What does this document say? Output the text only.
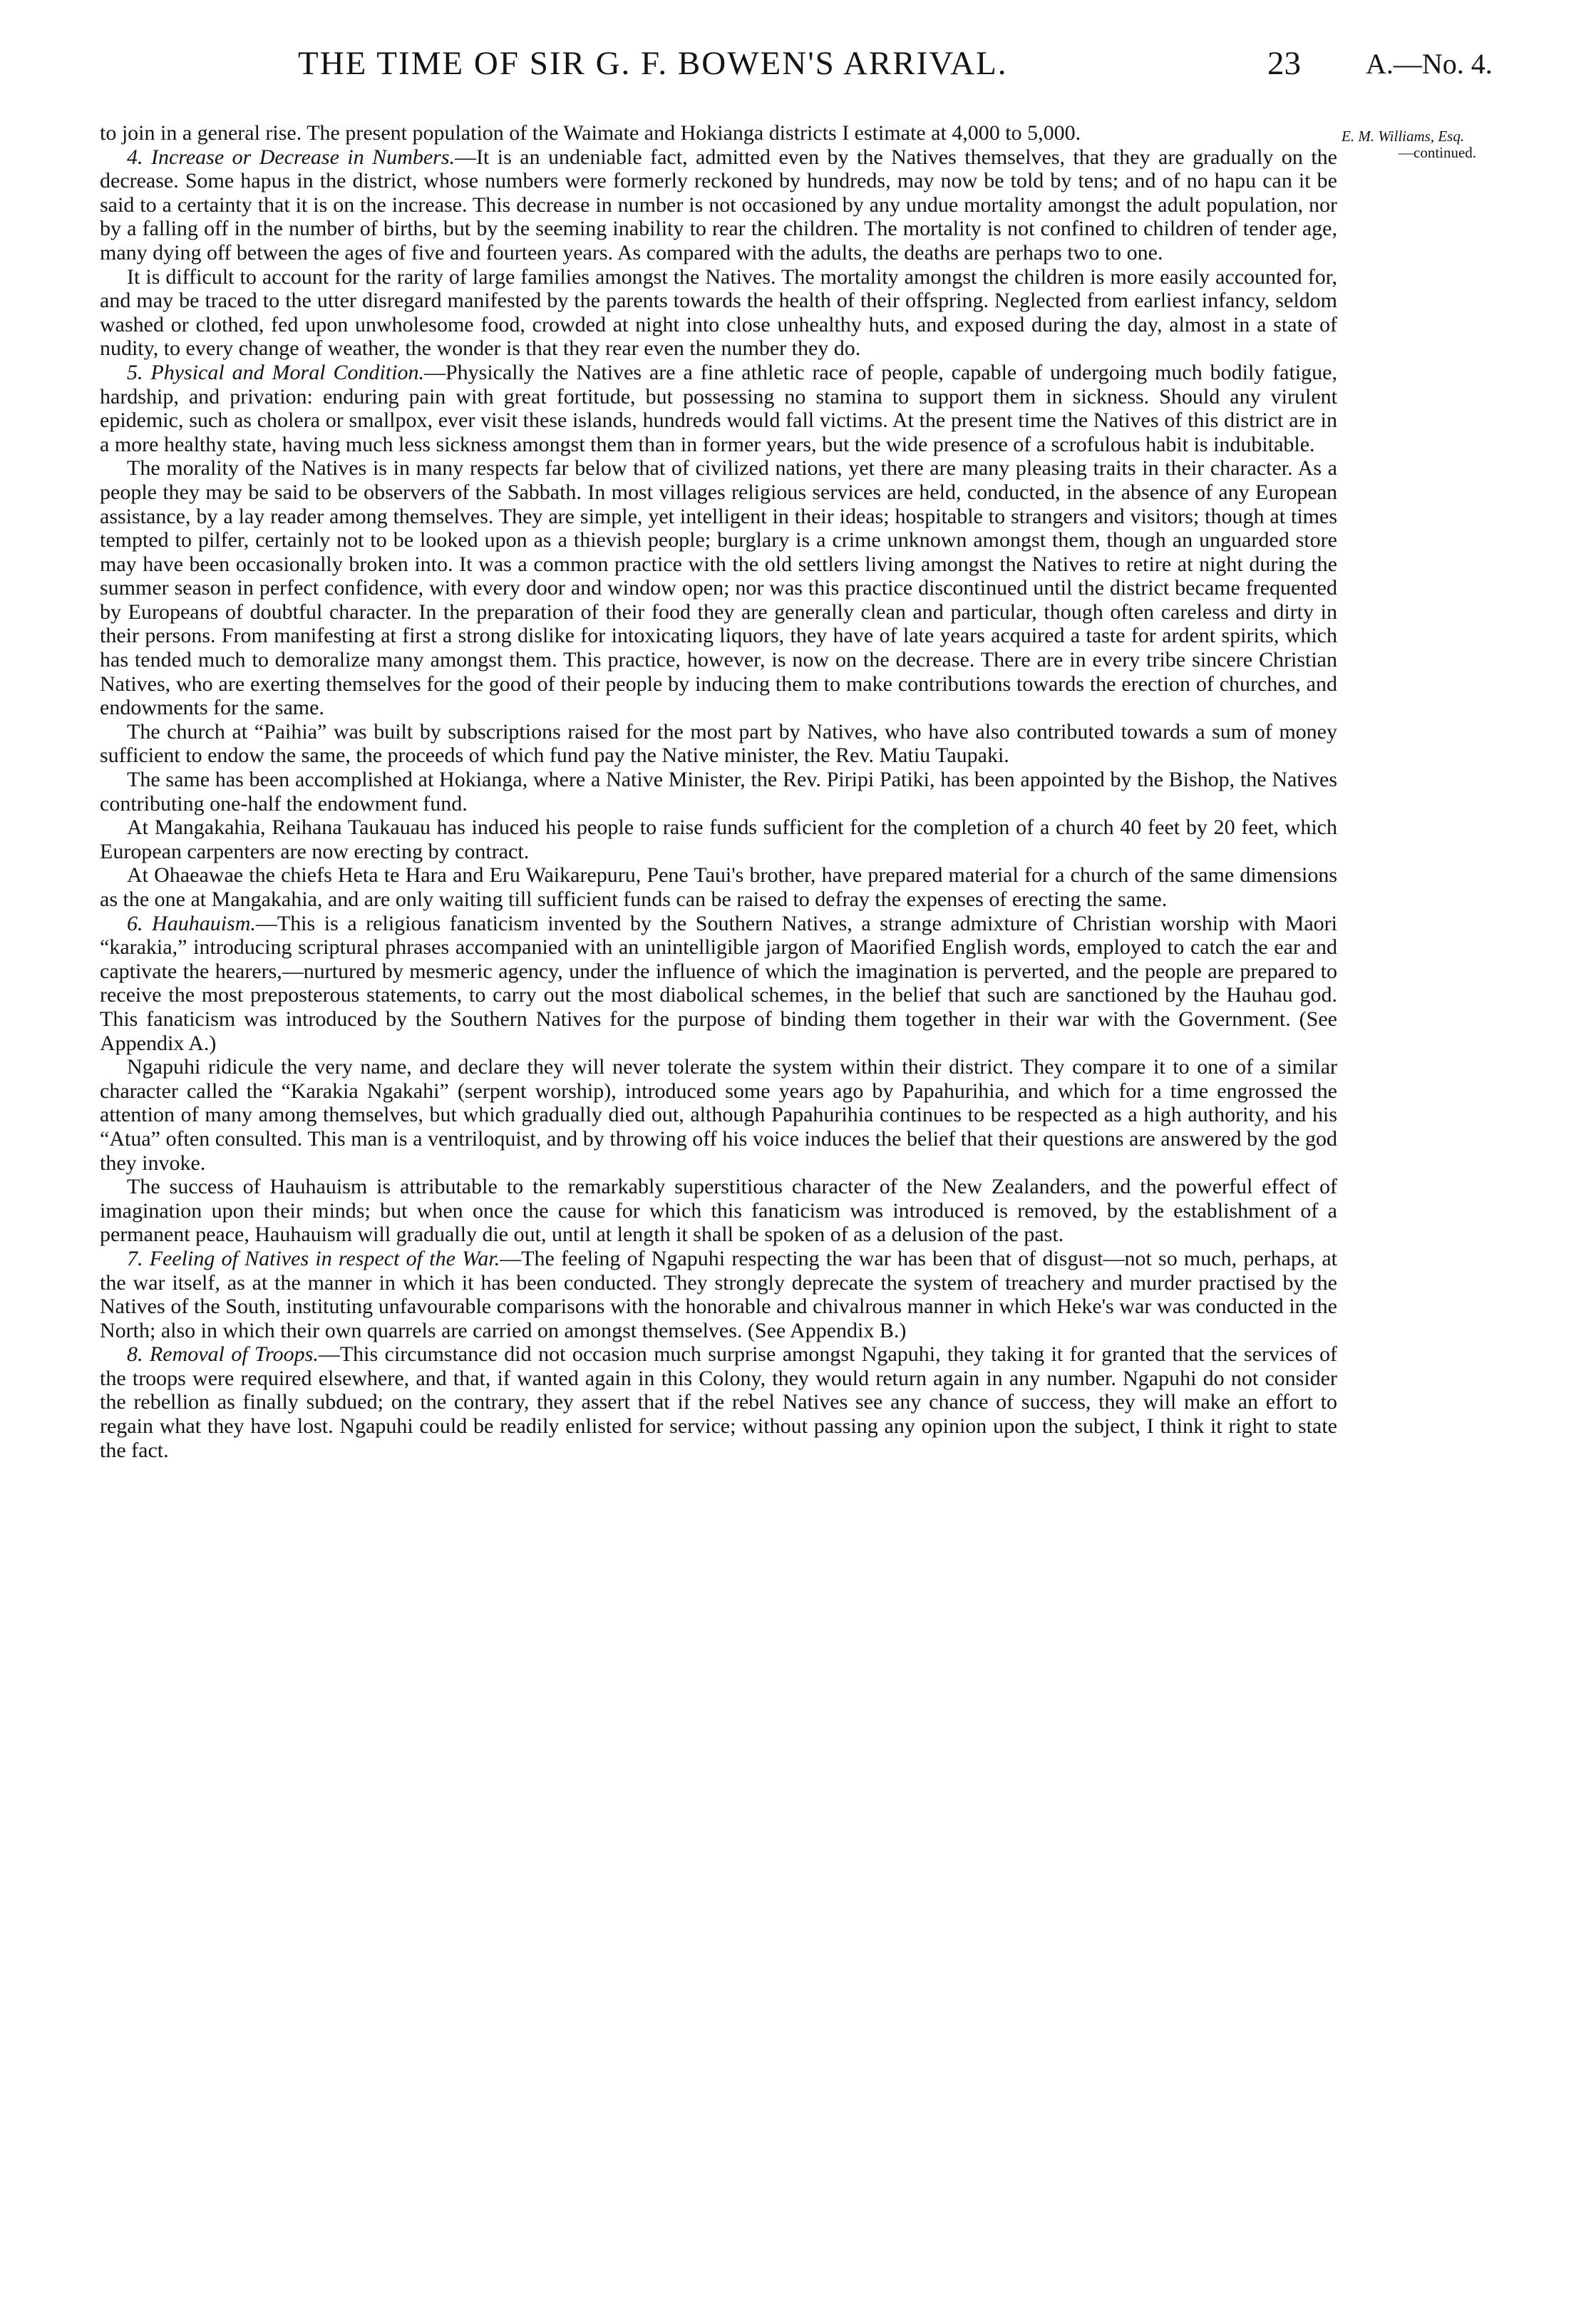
THE TIME OF SIR G. F. BOWEN'S ARRIVAL.	23 A.—No. 4.
E. M. Williams, Esq.
—continued.

to join in a general rise. The present population of the Waimate and Hokianga districts I estimate at 4,000 to 5,000.

4. Increase or Decrease in Numbers.—It is an undeniable fact, admitted even by the Natives themselves, that they are gradually on the decrease. Some hapus in the district, whose numbers were formerly reckoned by hundreds, may now be told by tens; and of no hapu can it be said to a certainty that it is on the increase. This decrease in number is not occasioned by any undue mortality amongst the adult population, nor by a falling off in the number of births, but by the seeming inability to rear the children. The mortality is not confined to children of tender age, many dying off between the ages of five and fourteen years. As compared with the adults, the deaths are perhaps two to one.

It is difficult to account for the rarity of large families amongst the Natives. The mortality amongst the children is more easily accounted for, and may be traced to the utter disregard manifested by the parents towards the health of their offspring. Neglected from earliest infancy, seldom washed or clothed, fed upon unwholesome food, crowded at night into close unhealthy huts, and exposed during the day, almost in a state of nudity, to every change of weather, the wonder is that they rear even the number they do.

5. Physical and Moral Condition.—Physically the Natives are a fine athletic race of people, capable of undergoing much bodily fatigue, hardship, and privation: enduring pain with great fortitude, but possessing no stamina to support them in sickness. Should any virulent epidemic, such as cholera or smallpox, ever visit these islands, hundreds would fall victims. At the present time the Natives of this district are in a more healthy state, having much less sickness amongst them than in former years, but the wide presence of a scrofulous habit is indubitable.

The morality of the Natives is in many respects far below that of civilized nations, yet there are many pleasing traits in their character. As a people they may be said to be observers of the Sabbath. In most villages religious services are held, conducted, in the absence of any European assistance, by a lay reader among themselves. They are simple, yet intelligent in their ideas; hospitable to strangers and visitors; though at times tempted to pilfer, certainly not to be looked upon as a thievish people; burglary is a crime unknown amongst them, though an unguarded store may have been occasionally broken into. It was a common practice with the old settlers living amongst the Natives to retire at night during the summer season in perfect confidence, with every door and window open; nor was this practice discontinued until the district became frequented by Europeans of doubtful character. In the preparation of their food they are generally clean and particular, though often careless and dirty in their persons. From manifesting at first a strong dislike for intoxicating liquors, they have of late years acquired a taste for ardent spirits, which has tended much to demoralize many amongst them. This practice, however, is now on the decrease. There are in every tribe sincere Christian Natives, who are exerting themselves for the good of their people by inducing them to make contributions towards the erection of churches, and endowments for the same.

The church at “Paihia” was built by subscriptions raised for the most part by Natives, who have also contributed towards a sum of money sufficient to endow the same, the proceeds of which fund pay the Native minister, the Rev. Matiu Taupaki.

The same has been accomplished at Hokianga, where a Native Minister, the Rev. Piripi Patiki, has been appointed by the Bishop, the Natives contributing one-half the endowment fund.

At Mangakahia, Reihana Taukauau has induced his people to raise funds sufficient for the completion of a church 40 feet by 20 feet, which European carpenters are now erecting by contract.

At Ohaeawae the chiefs Heta te Hara and Eru Waikarepuru, Pene Taui's brother, have prepared material for a church of the same dimensions as the one at Mangakahia, and are only waiting till sufficient funds can be raised to defray the expenses of erecting the same.

6. Hauhauism.—This is a religious fanaticism invented by the Southern Natives, a strange admixture of Christian worship with Maori “karakia,” introducing scriptural phrases accompanied with an unintelligible jargon of Maorified English words, employed to catch the ear and captivate the hearers,—nurtured by mesmeric agency, under the influence of which the imagination is perverted, and the people are prepared to receive the most preposterous statements, to carry out the most diabolical schemes, in the belief that such are sanctioned by the Hauhau god. This fanaticism was introduced by the Southern Natives for the purpose of binding them together in their war with the Government. (See Appendix A.)

Ngapuhi ridicule the very name, and declare they will never tolerate the system within their district. They compare it to one of a similar character called the “Karakia Ngakahi” (serpent worship), introduced some years ago by Papahurihia, and which for a time engrossed the attention of many among themselves, but which gradually died out, although Papahurihia continues to be respected as a high authority, and his “Atua” often consulted. This man is a ventriloquist, and by throwing off his voice induces the belief that their questions are answered by the god they invoke.

The success of Hauhauism is attributable to the remarkably superstitious character of the New Zealanders, and the powerful effect of imagination upon their minds; but when once the cause for which this fanaticism was introduced is removed, by the establishment of a permanent peace, Hauhauism will gradually die out, until at length it shall be spoken of as a delusion of the past.

7. Feeling of Natives in respect of the War.—The feeling of Ngapuhi respecting the war has been that of disgust—not so much, perhaps, at the war itself, as at the manner in which it has been conducted. They strongly deprecate the system of treachery and murder practised by the Natives of the South, instituting unfavourable comparisons with the honorable and chivalrous manner in which Heke's war was conducted in the North; also in which their own quarrels are carried on amongst themselves. (See Appendix B.)

8. Removal of Troops.—This circumstance did not occasion much surprise amongst Ngapuhi, they taking it for granted that the services of the troops were required elsewhere, and that, if wanted again in this Colony, they would return again in any number. Ngapuhi do not consider the rebellion as finally subdued; on the contrary, they assert that if the rebel Natives see any chance of success, they will make an effort to regain what they have lost. Ngapuhi could be readily enlisted for service; without passing any opinion upon the subject, I think it right to state the fact.
